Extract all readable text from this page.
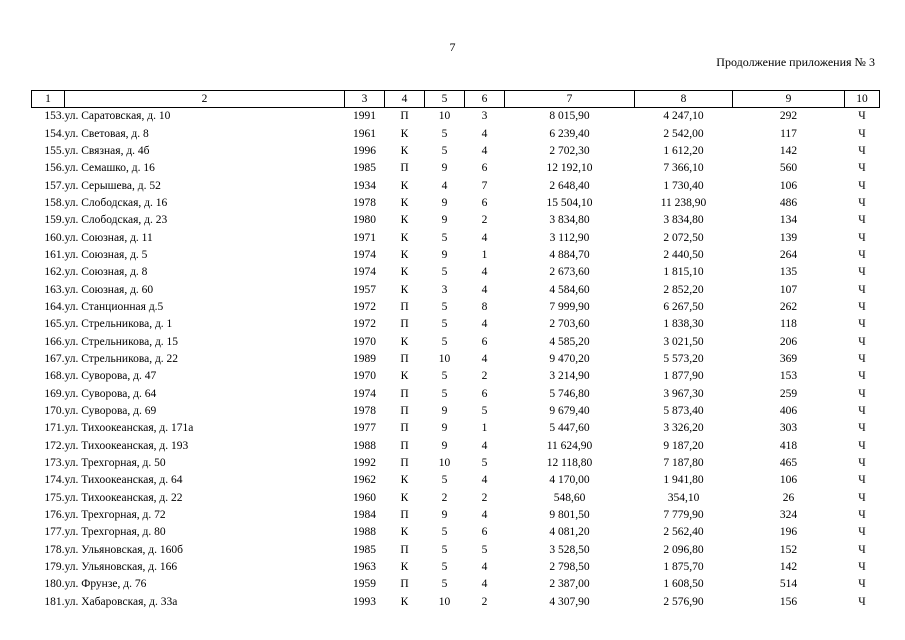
7
Продолжение приложения № 3
1	2	3	4	5	6	7	8	9	10
153.	ул. Саратовская, д. 10	1991	П	10	3	8 015,90	4 247,10	292	Ч
154.	ул. Световая, д. 8	1961	К	5	4	6 239,40	2 542,00	117	Ч
155.	ул. Связная, д. 4б	1996	К	5	4	2 702,30	1 612,20	142	Ч
156.	ул. Семашко, д. 16	1985	П	9	6	12 192,10	7 366,10	560	Ч
157.	ул. Серышева, д. 52	1934	К	4	7	2 648,40	1 730,40	106	Ч
158.	ул. Слободская, д. 16	1978	К	9	6	15 504,10	11 238,90	486	Ч
159.	ул. Слободская, д. 23	1980	К	9	2	3 834,80	3 834,80	134	Ч
160.	ул. Союзная, д. 11	1971	К	5	4	3 112,90	2 072,50	139	Ч
161.	ул. Союзная, д. 5	1974	К	9	1	4 884,70	2 440,50	264	Ч
162.	ул. Союзная, д. 8	1974	К	5	4	2 673,60	1 815,10	135	Ч
163.	ул. Союзная, д. 60	1957	К	3	4	4 584,60	2 852,20	107	Ч
164.	ул. Станционная д.5	1972	П	5	8	7 999,90	6 267,50	262	Ч
165.	ул. Стрельникова, д. 1	1972	П	5	4	2 703,60	1 838,30	118	Ч
166.	ул. Стрельникова, д. 15	1970	К	5	6	4 585,20	3 021,50	206	Ч
167.	ул. Стрельникова, д. 22	1989	П	10	4	9 470,20	5 573,20	369	Ч
168.	ул. Суворова, д. 47	1970	К	5	2	3 214,90	1 877,90	153	Ч
169.	ул. Суворова, д. 64	1974	П	5	6	5 746,80	3 967,30	259	Ч
170.	ул. Суворова, д. 69	1978	П	9	5	9 679,40	5 873,40	406	Ч
171.	ул. Тихоокеанская, д. 171а	1977	П	9	1	5 447,60	3 326,20	303	Ч
172.	ул. Тихоокеанская, д. 193	1988	П	9	4	11 624,90	9 187,20	418	Ч
173.	ул. Трехгорная, д. 50	1992	П	10	5	12 118,80	7 187,80	465	Ч
174.	ул. Тихоокеанская, д. 64	1962	К	5	4	4 170,00	1 941,80	106	Ч
175.	ул. Тихоокеанская, д. 22	1960	К	2	2	548,60	354,10	26	Ч
176.	ул. Трехгорная, д. 72	1984	П	9	4	9 801,50	7 779,90	324	Ч
177.	ул. Трехгорная, д. 80	1988	К	5	6	4 081,20	2 562,40	196	Ч
178.	ул. Ульяновская, д. 160б	1985	П	5	5	3 528,50	2 096,80	152	Ч
179.	ул. Ульяновская, д. 166	1963	К	5	4	2 798,50	1 875,70	142	Ч
180.	ул. Фрунзе, д. 76	1959	П	5	4	2 387,00	1 608,50	514	Ч
181.	ул. Хабаровская, д. 33а	1993	К	10	2	4 307,90	2 576,90	156	Ч
